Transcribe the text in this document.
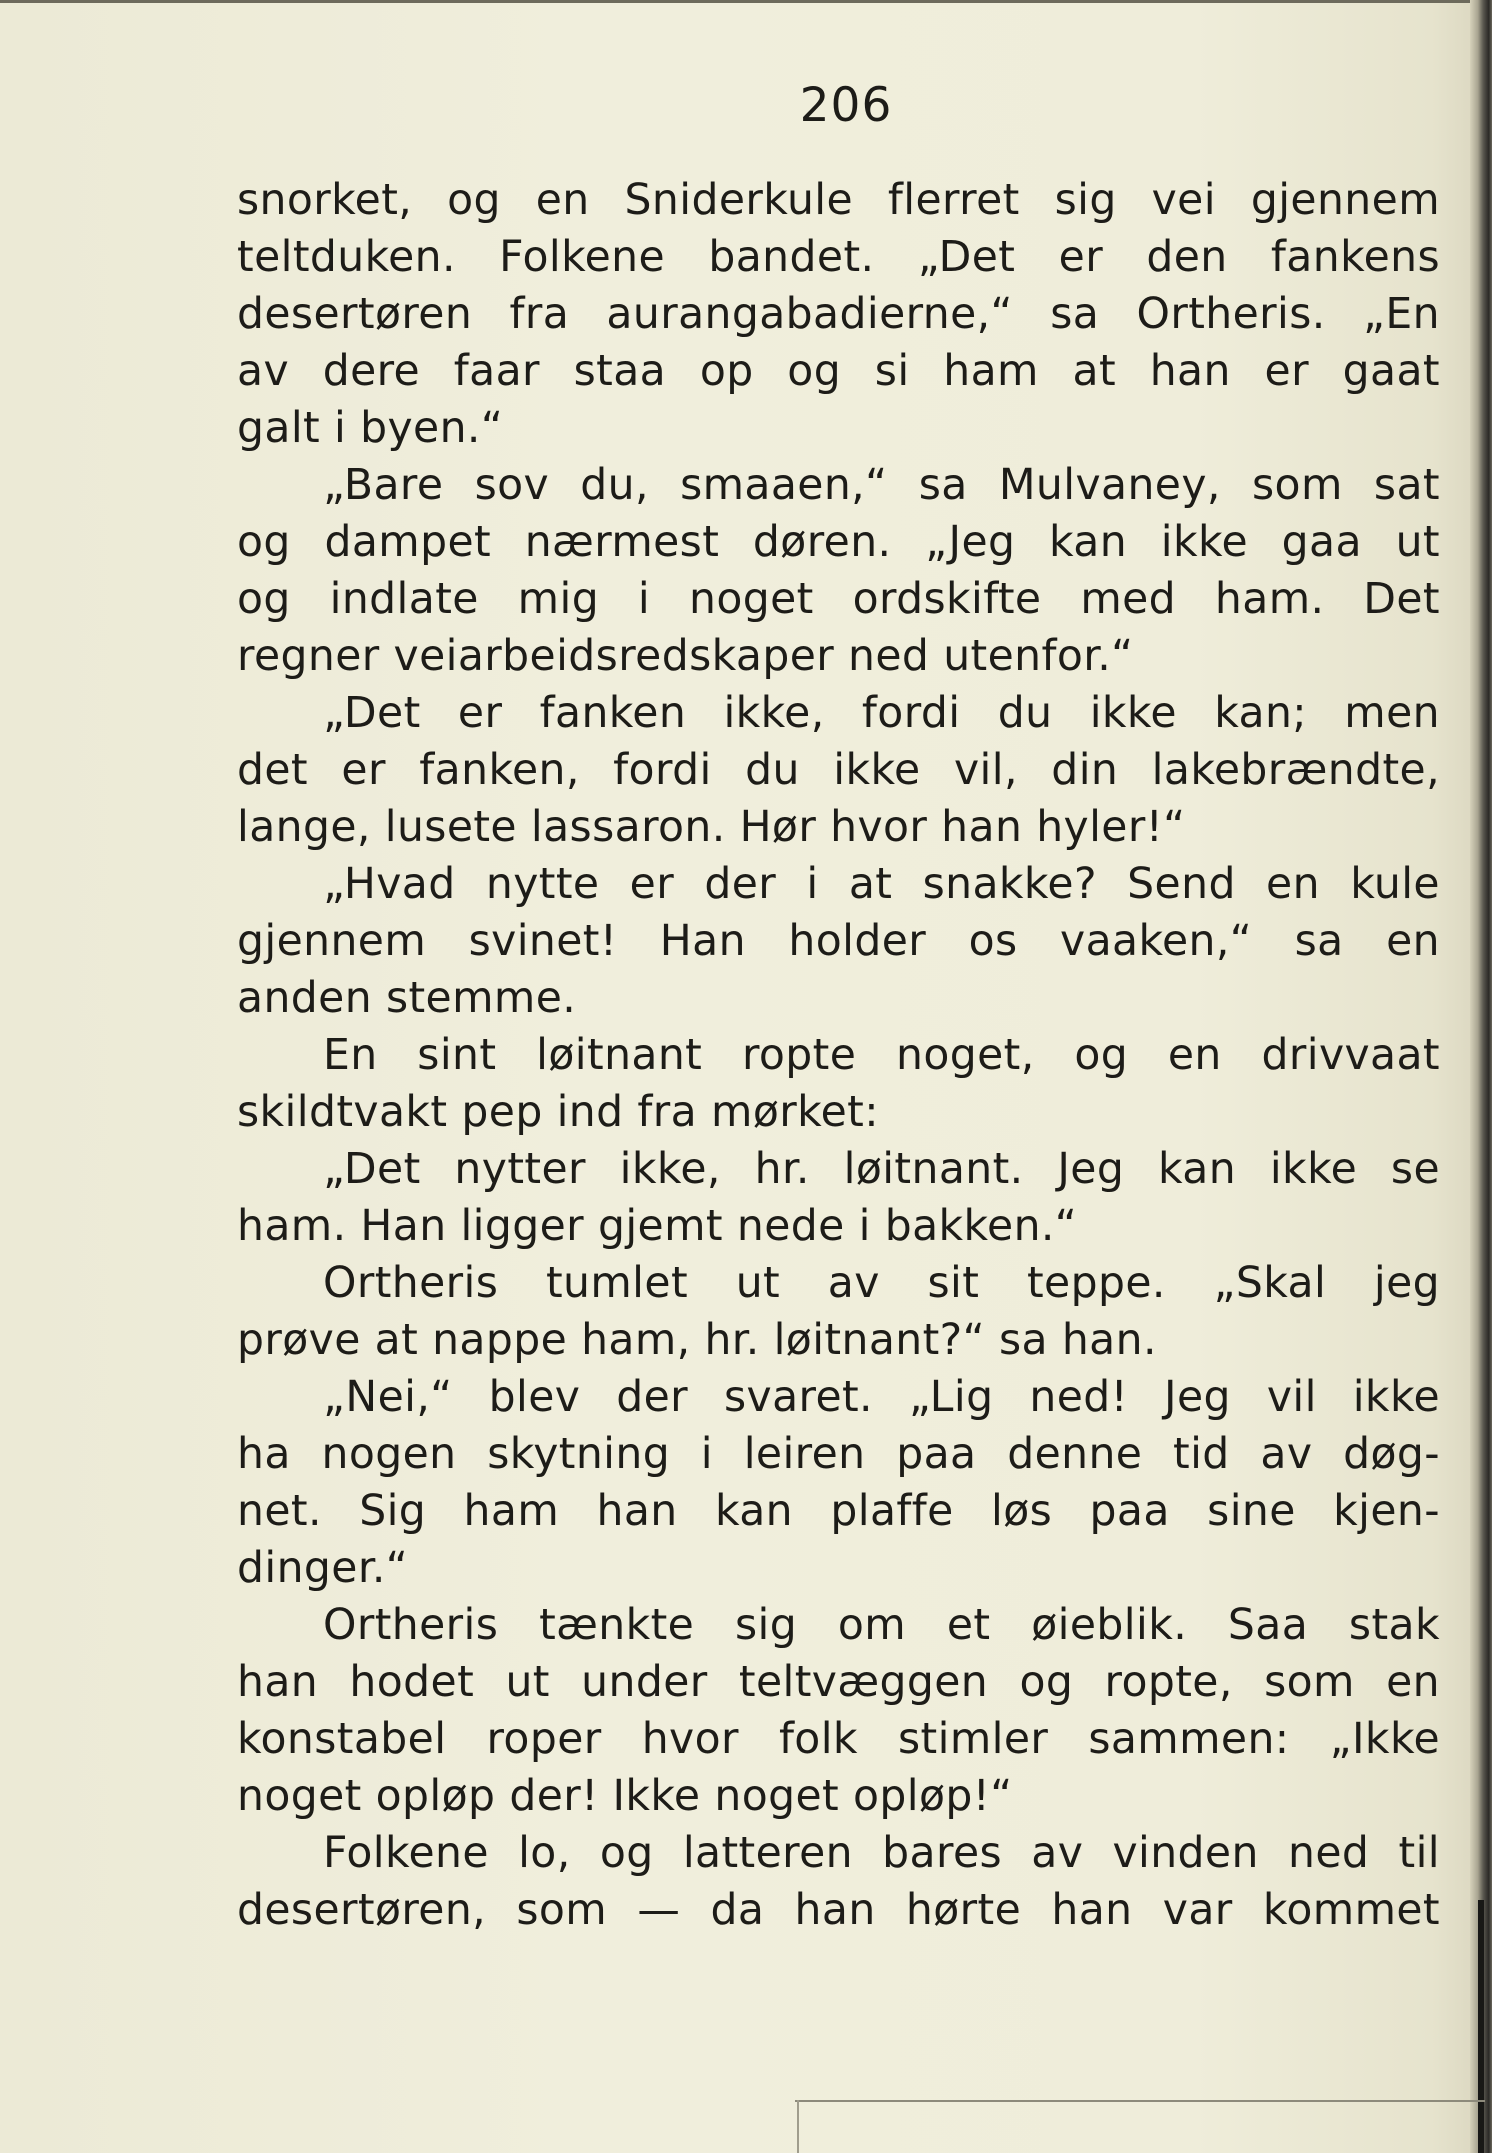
206
snorket, og en Sniderkule flerret sig vei gjennem
teltduken. Folkene bandet. „Det er den fankens
desertøren fra aurangabadierne,“ sa Ortheris. „En
av dere faar staa op og si ham at han er gaat
galt i byen.“
„Bare sov du, smaaen,“ sa Mulvaney, som sat
og dampet nærmest døren. „Jeg kan ikke gaa ut
og indlate mig i noget ordskifte med ham. Det
regner veiarbeidsredskaper ned utenfor.“
„Det er fanken ikke, fordi du ikke kan; men
det er fanken, fordi du ikke vil, din lakebrændte,
lange, lusete lassaron. Hør hvor han hyler!“
„Hvad nytte er der i at snakke? Send en kule
gjennem svinet! Han holder os vaaken,“ sa en
anden stemme.
En sint løitnant ropte noget, og en drivvaat
skildtvakt pep ind fra mørket:
„Det nytter ikke, hr. løitnant. Jeg kan ikke se
ham. Han ligger gjemt nede i bakken.“
Ortheris tumlet ut av sit teppe. „Skal jeg
prøve at nappe ham, hr. løitnant?“ sa han.
„Nei,“ blev der svaret. „Lig ned! Jeg vil ikke
ha nogen skytning i leiren paa denne tid av døg-
net. Sig ham han kan plaffe løs paa sine kjen-
dinger.“
Ortheris tænkte sig om et øieblik. Saa stak
han hodet ut under teltvæggen og ropte, som en
konstabel roper hvor folk stimler sammen: „Ikke
noget opløp der! Ikke noget opløp!“
Folkene lo, og latteren bares av vinden ned til
desertøren, som — da han hørte han var kommet
